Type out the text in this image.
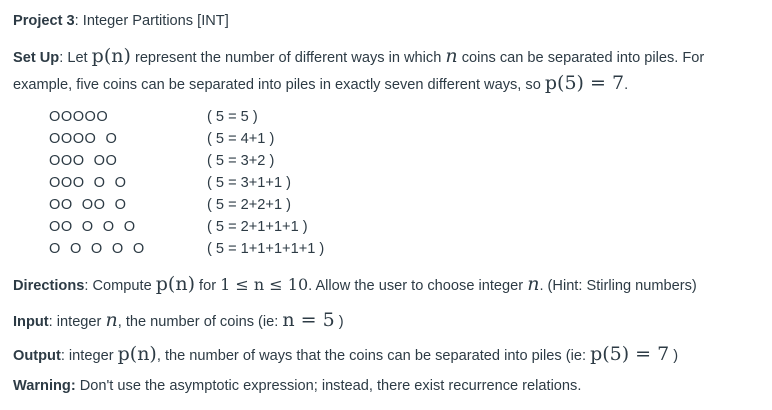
Project 3: Integer Partitions [INT]
Set Up: Let p(n) represent the number of different ways in which n coins can be separated into piles. For
example, five coins can be separated into piles in exactly seven different ways, so p(5) = 7.
OOOOO	( 5 = 5 )
OOOO  O	( 5 = 4+1 )
OOO  OO	( 5 = 3+2 )
OOO  O  O	( 5 = 3+1+1 )
OO  OO  O	( 5 = 2+2+1 )
OO  O  O  O	( 5 = 2+1+1+1 )
O  O  O  O  O	( 5 = 1+1+1+1+1 )
Directions: Compute p(n) for 1 ≤ n ≤ 10. Allow the user to choose integer n. (Hint: Stirling numbers)
Input: integer n, the number of coins (ie: n = 5 )
Output: integer p(n), the number of ways that the coins can be separated into piles (ie: p(5) = 7 )
Warning: Don't use the asymptotic expression; instead, there exist recurrence relations.
